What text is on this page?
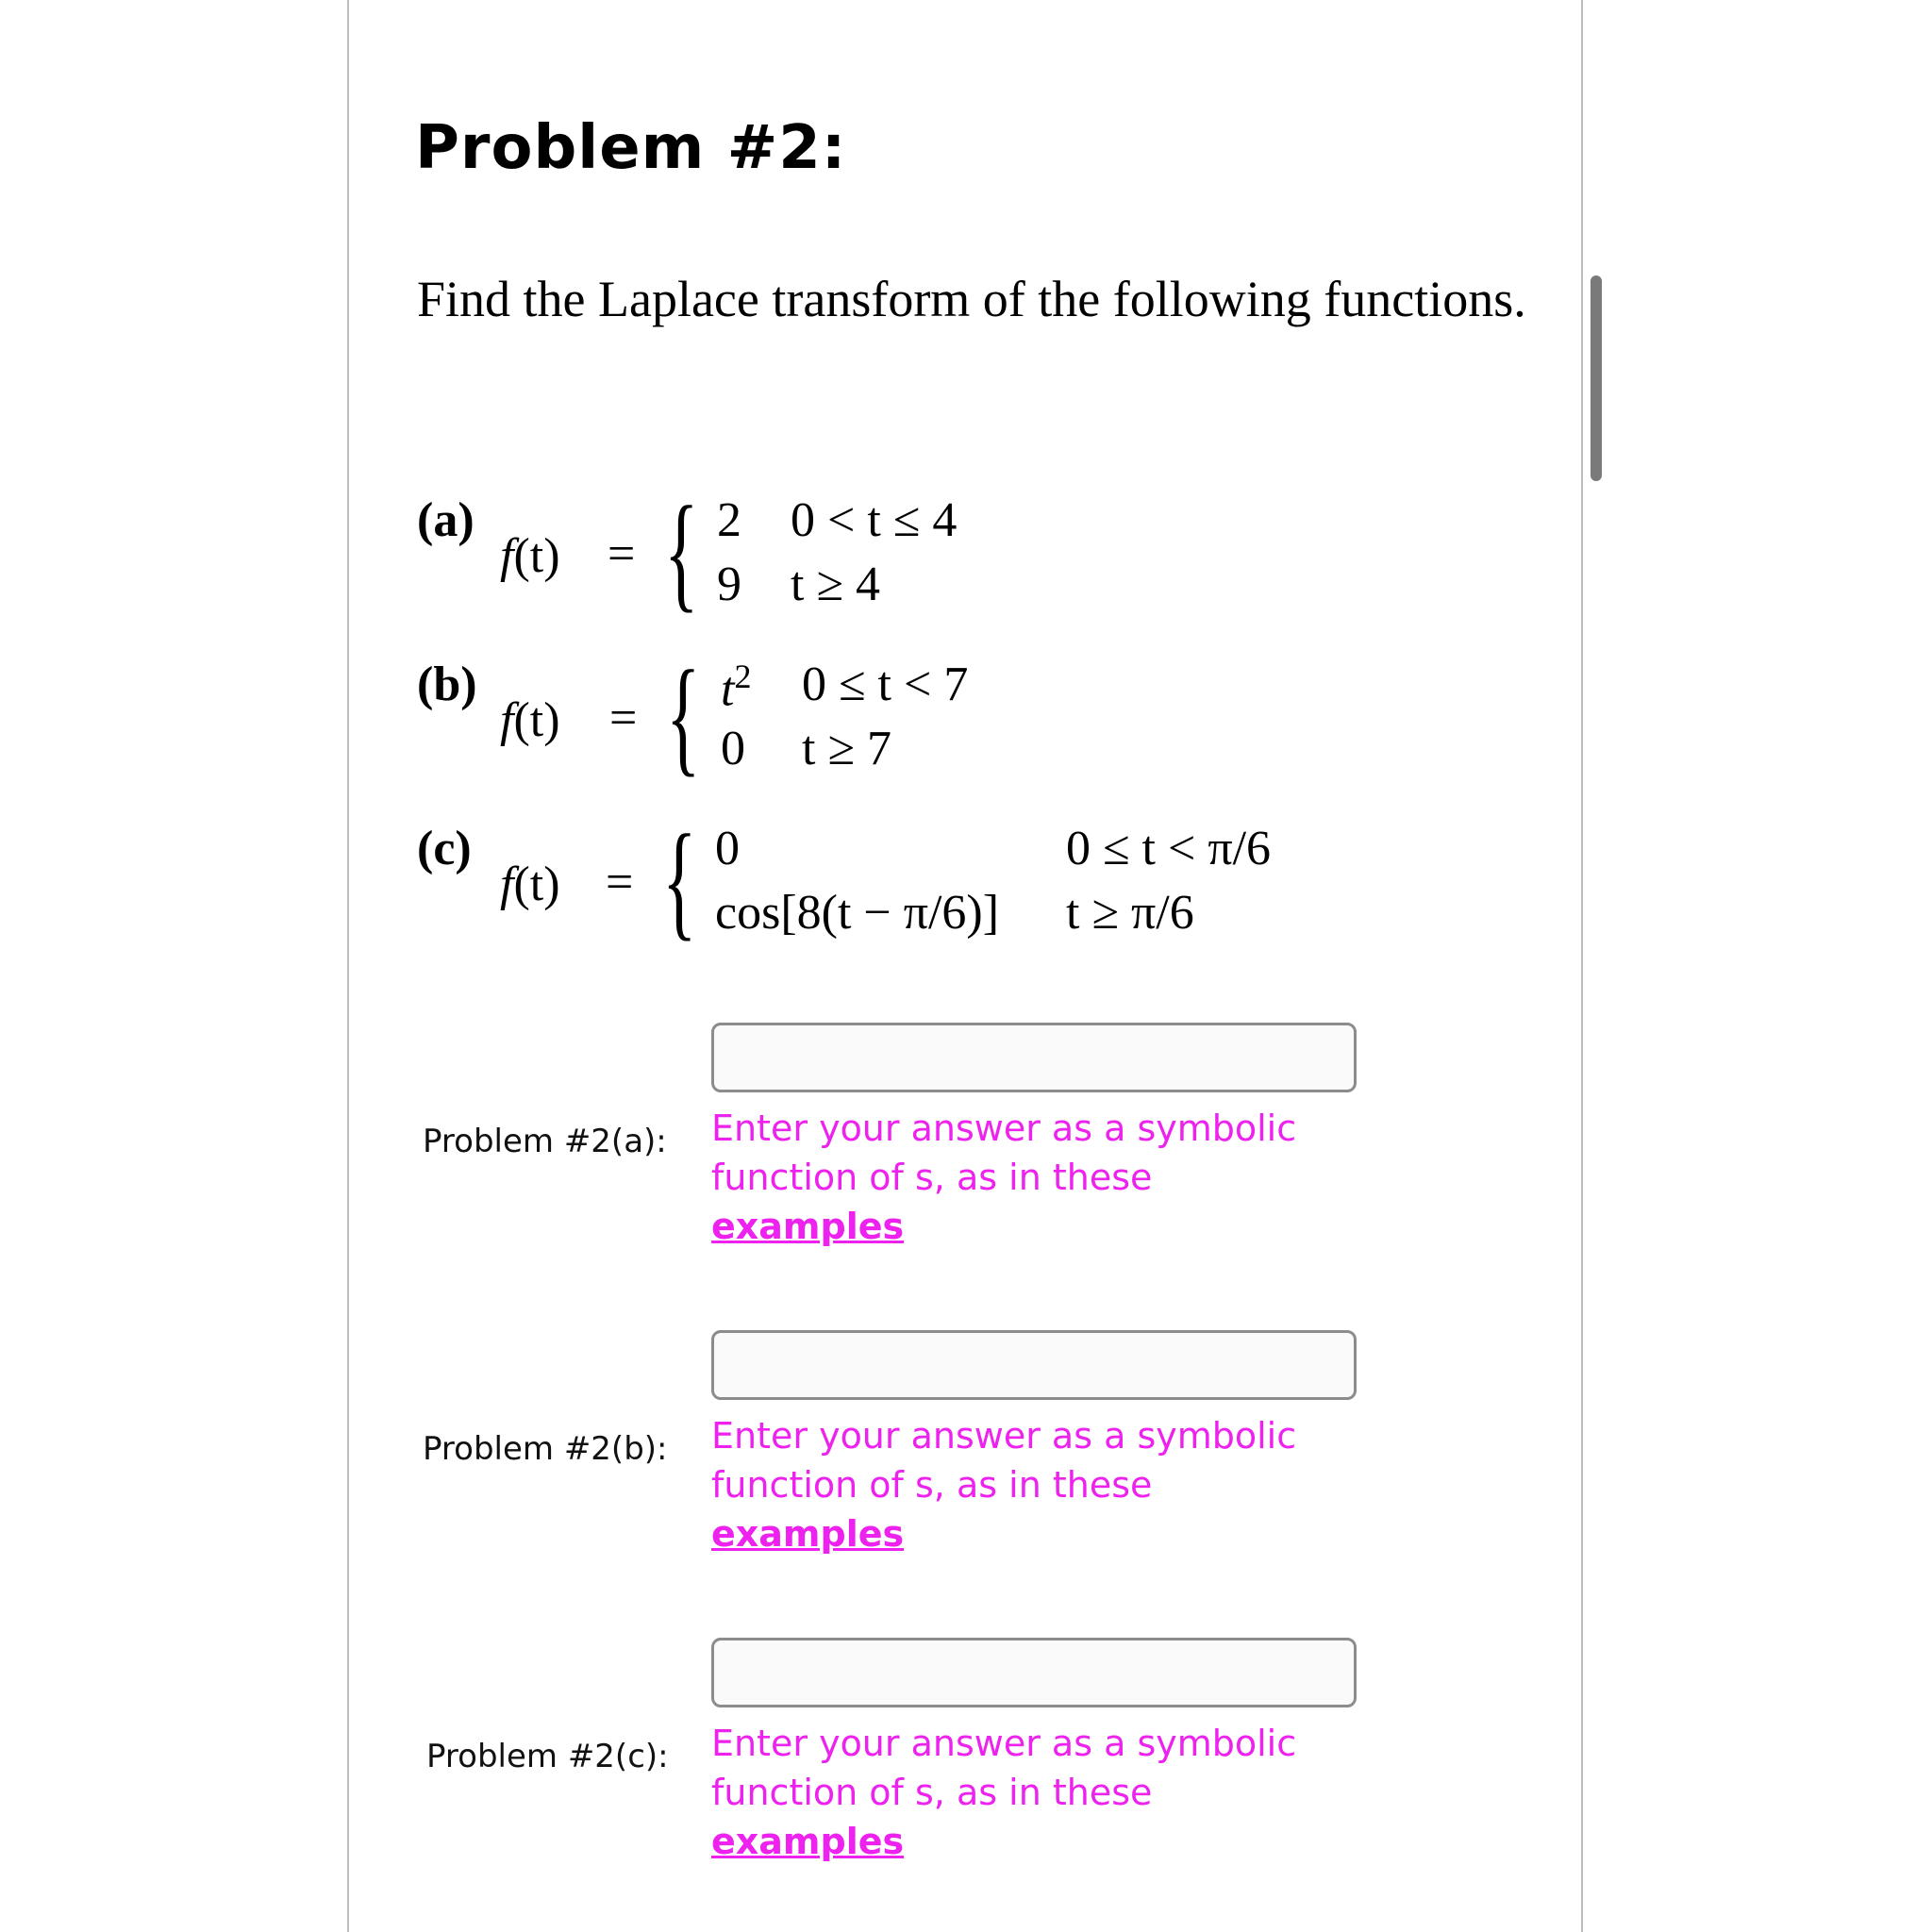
Problem #2:
Find the Laplace transform of the following functions.
(a)
f(t) = { 2 0 < t ≤ 4
9 t ≥ 4
(b)
f(t) = { $t^2$ 0 ≤ t < 7
0 t ≥ 7
(c)
f(t) = { 0	0 ≤ t < π/6
cos[8(t − π/6)] t ≥ π/6
Problem #2(a): Enter your answer as a symbolic function of s, as in these
examples
Problem #2(b): Enter your answer as a symbolic function of s, as in these
examples
Problem #2(c): Enter your answer as a symbolic function of s, as in these
examples
